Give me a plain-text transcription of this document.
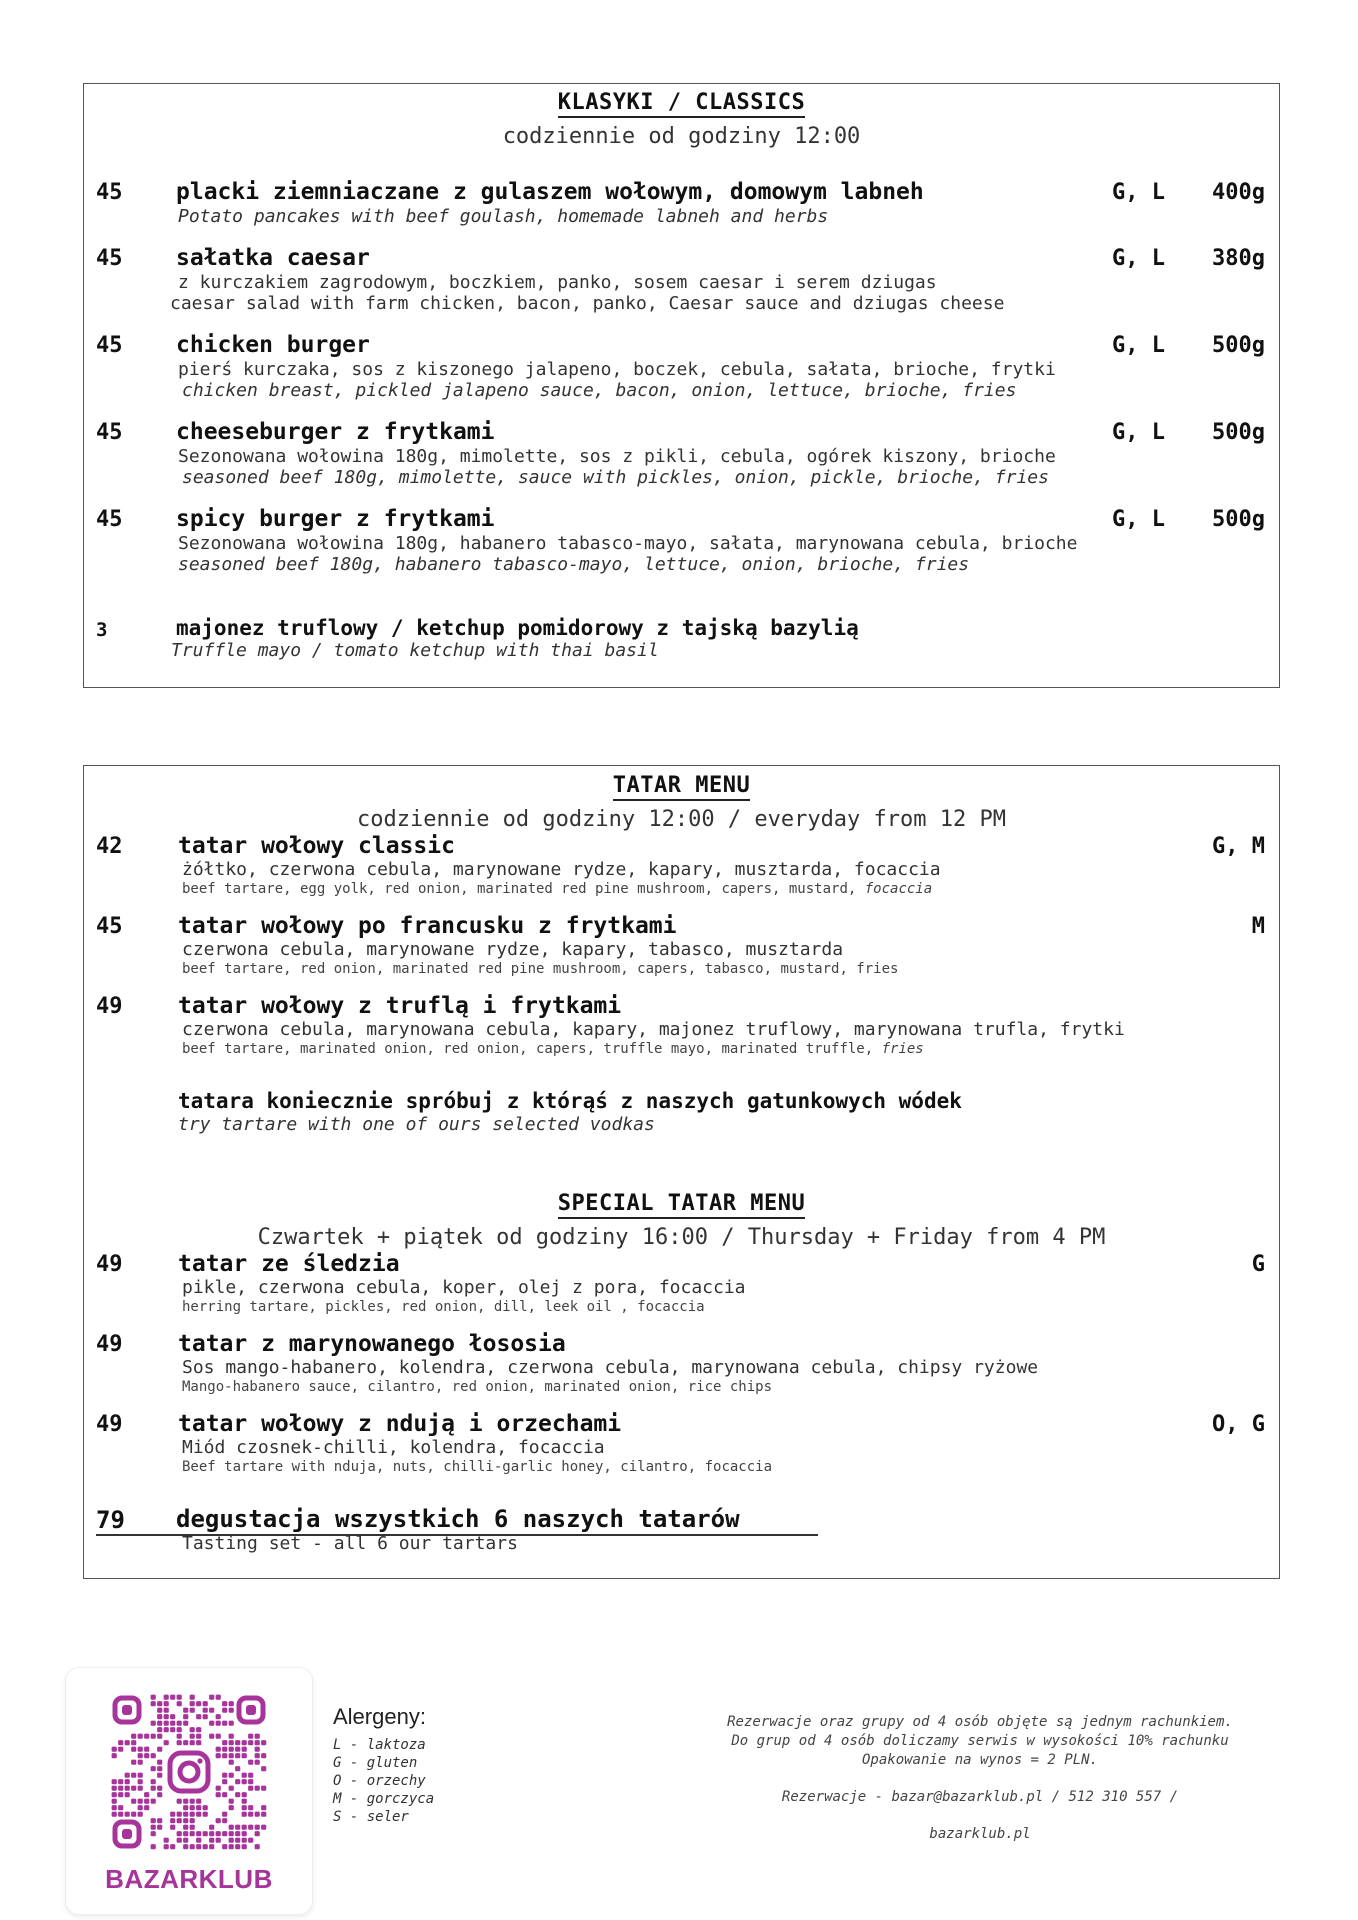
KLASYKI / CLASSICS
codziennie od godziny 12:00
45 placki ziemniaczane z gulaszem wołowym, domowym labneh	G, L 400g
Potato pancakes with beef goulash, homemade labneh and herbs
45 sałatka caesar	G, L 380g
z kurczakiem zagrodowym, boczkiem, panko, sosem caesar i serem dziugas
caesar salad with farm chicken, bacon, panko, Caesar sauce and dziugas cheese
45 chicken burger	G, L 500g
pierś kurczaka, sos z kiszonego jalapeno, boczek, cebula, sałata, brioche, frytki
chicken breast, pickled jalapeno sauce, bacon, onion, lettuce, brioche, fries
45 cheeseburger z frytkami	G, L 500g
Sezonowana wołowina 180g, mimolette, sos z pikli, cebula, ogórek kiszony, brioche
seasoned beef 180g, mimolette, sauce with pickles, onion, pickle, brioche, fries
45 spicy burger z frytkami	G, L 500g
Sezonowana wołowina 180g, habanero tabasco-mayo, sałata, marynowana cebula, brioche
seasoned beef 180g, habanero tabasco-mayo, lettuce, onion, brioche, fries
3	majonez truflowy / ketchup pomidorowy z tajską bazylią
Truffle mayo / tomato ketchup with thai basil
TATAR MENU
codziennie od godziny 12:00 / everyday from 12 PM
42 tatar wołowy classic	G, M
żółtko, czerwona cebula, marynowane rydze, kapary, musztarda, focaccia
beef tartare, egg yolk, red onion, marinated red pine mushroom, capers, mustard, focaccia
45 tatar wołowy po francusku z frytkami	M
czerwona cebula, marynowane rydze, kapary, tabasco, musztarda
beef tartare, red onion, marinated red pine mushroom, capers, tabasco, mustard, fries
49 tatar wołowy z truflą i frytkami
czerwona cebula, marynowana cebula, kapary, majonez truflowy, marynowana trufla, frytki
beef tartare, marinated onion, red onion, capers, truffle mayo, marinated truffle, fries
tatara koniecznie spróbuj z którąś z naszych gatunkowych wódek
try tartare with one of ours selected vodkas
SPECIAL TATAR MENU
Czwartek + piątek od godziny 16:00 / Thursday + Friday from 4 PM
49 tatar ze śledzia	G
pikle, czerwona cebula, koper, olej z pora, focaccia
herring tartare, pickles, red onion, dill, leek oil , focaccia
49 tatar z marynowanego łososia
Sos mango-habanero, kolendra, czerwona cebula, marynowana cebula, chipsy ryżowe
Mango-habanero sauce, cilantro, red onion, marinated onion, rice chips
49 tatar wołowy z ndują i orzechami	O, G
Miód czosnek-chilli, kolendra, focaccia
Beef tartare with nduja, nuts, chilli-garlic honey, cilantro, focaccia
79 degustacja wszystkich 6 naszych tatarów
Tasting set - all 6 our tartars
BAZARKLUB
Alergeny:
L - laktoza
G - gluten
O - orzechy
M - gorczyca
S - seler
Rezerwacje oraz grupy od 4 osób objęte są jednym rachunkiem.
Do grup od 4 osób doliczamy serwis w wysokości 10% rachunku
Opakowanie na wynos = 2 PLN.
Rezerwacje - bazar@bazarklub.pl / 512 310 557 /
bazarklub.pl
